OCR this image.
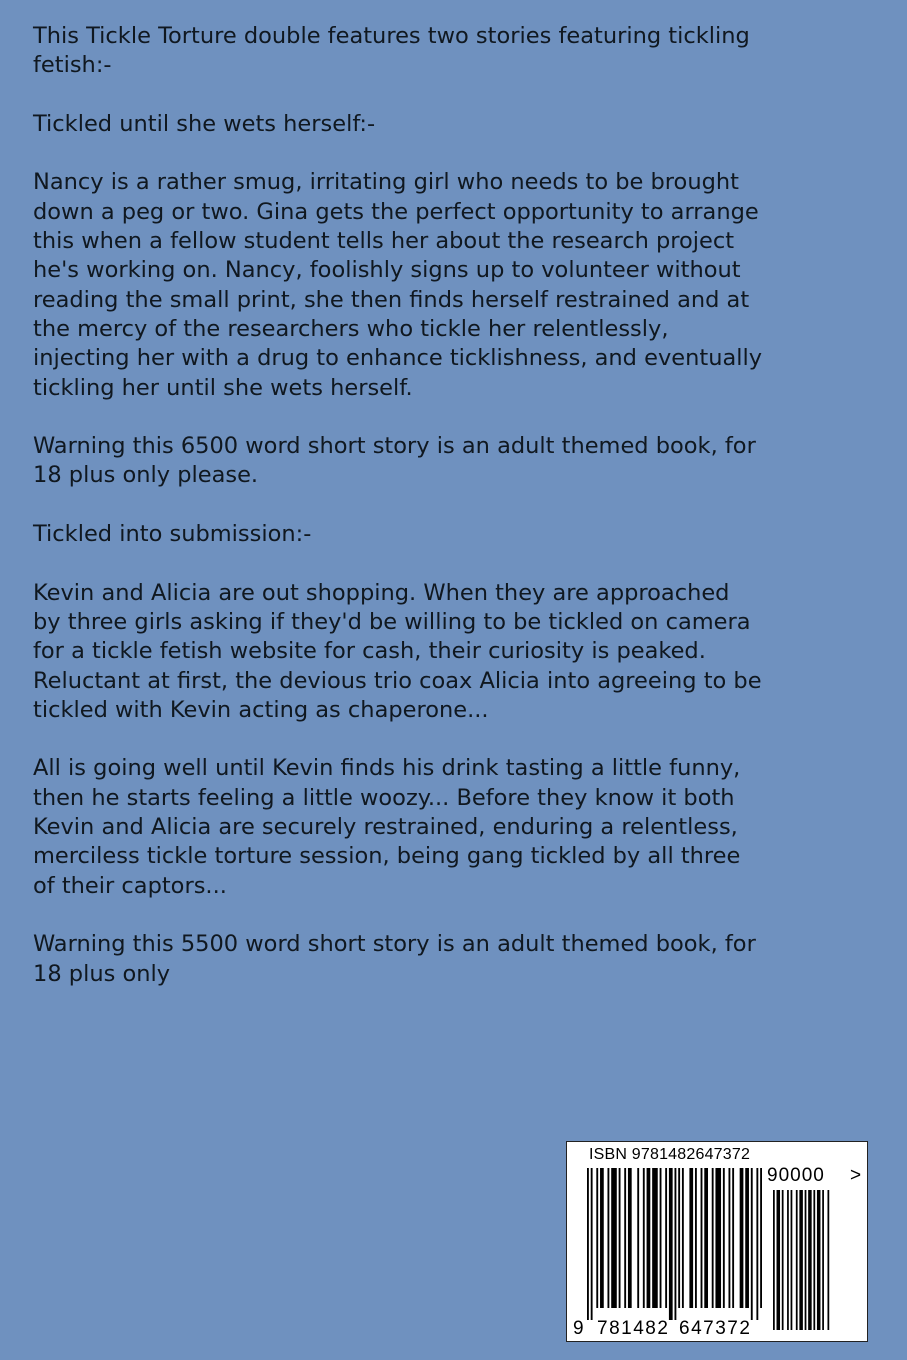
This Tickle Torture double features two stories featuring tickling
fetish:-

Tickled until she wets herself:-

Nancy is a rather smug, irritating girl who needs to be brought
down a peg or two. Gina gets the perfect opportunity to arrange
this when a fellow student tells her about the research project
he's working on. Nancy, foolishly signs up to volunteer without
reading the small print, she then finds herself restrained and at
the mercy of the researchers who tickle her relentlessly,
injecting her with a drug to enhance ticklishness, and eventually
tickling her until she wets herself.

Warning this 6500 word short story is an adult themed book, for
18 plus only please.

Tickled into submission:-

Kevin and Alicia are out shopping. When they are approached
by three girls asking if they'd be willing to be tickled on camera
for a tickle fetish website for cash, their curiosity is peaked.
Reluctant at first, the devious trio coax Alicia into agreeing to be
tickled with Kevin acting as chaperone...

All is going well until Kevin finds his drink tasting a little funny,
then he starts feeling a little woozy... Before they know it both
Kevin and Alicia are securely restrained, enduring a relentless,
merciless tickle torture session, being gang tickled by all three
of their captors...

Warning this 5500 word short story is an adult themed book, for
18 plus only

ISBN 9781482647372
90000 >
9 781482 647372
